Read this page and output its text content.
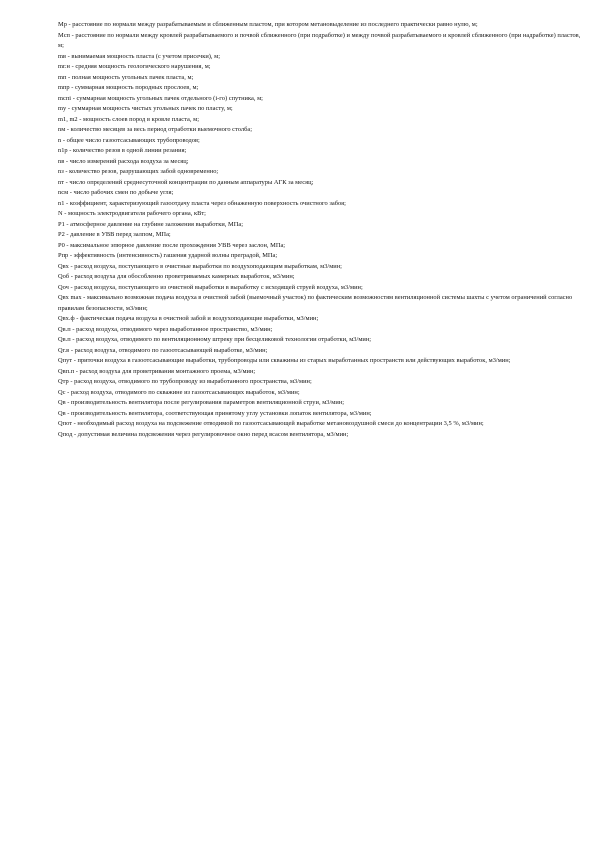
Мр - расстояние по нормали между разрабатываемым и сближенным пластом, при котором метановыделение из последнего практически равно нулю, м;

Мсп - расстояние по нормали между кровлей разрабатываемого и почвой сближенного (при подработке) и между почвой разрабатываемого и кровлей сближенного (при надработке) пластов, м;

mв - вынимаемая мощность пласта (с учетом присечки), м;

mг.н - средняя мощность геологического нарушения, м;

mп - полная мощность угольных пачек пласта, м;

mпр - суммарная мощность породных прослоев, м;

mспi - суммарная мощность угольных пачек отдельного (i-го) спутника, м;

my - суммарная мощность чистых угольных пачек по пласту, м;

m1, m2 - мощность слоев пород в кровле пласта, м;

nм - количество месяцев за весь период отработки выемочного столба;

n - общее число газоотсасывающих трубопроводов;

n1р - количество резов в одной линии резания;

nв - число измерений расхода воздуха за месяц;

nз - количество резов, разрушающих забой одновременно;

nт - число определений среднесуточной концентрации по данным аппаратуры АГК за месяц;

nсм - число рабочих смен по добыче угля;

n1 - коэффициент, характеризующий газоотдачу пласта через обнаженную поверхность очистного забоя;

N - мощность электродвигателя рабочего органа, кВт;

P1 - атмосферное давление на глубине заложения выработки, МПа;

P2 - давление в УВВ перед залпом, МПа;

P0 - максимальное эпюрное давление после прохождения УВВ через заслон, МПа;

Pпр - эффективность (интенсивность) гашения ударной волны преградой, МПа;

Qвх - расход воздуха, поступающего в очистные выработки по воздухоподающим выработкам, м3/мин;

Qоб - расход воздуха для обособленно проветриваемых камерных выработок, м3/мин;

Qоч - расход воздуха, поступающего из очистной выработки в выработку с исходящей струей воздуха, м3/мин;

Qвх max - максимально возможная подача воздуха в очистной забой (выемочный участок) по фактическим возможностям вентиляционной системы шахты с учетом ограничений согласно правилам безопасности, м3/мин;

Qвх.ф - фактическая подача воздуха в очистной забой и воздухоподающие выработки, м3/мин;

Qв.п - расход воздуха, отводимого через выработанное пространство, м3/мин;

Qв.п - расход воздуха, отводимого по вентиляционному штреку при бесцеликовой технологии отработки, м3/мин;

Qг.в - расход воздуха, отводимого по газоотсасывающей выработке, м3/мин;

Qпут - приточки воздуха в газоотсасывающие выработки, трубопроводы или скважины из старых выработанных пространств или действующих выработок, м3/мин;

Qвп.п - расход воздуха для проветривания монтажного проема, м3/мин;

Qтр - расход воздуха, отводимого по трубопроводу из выработанного пространства, м3/мин;

Qс - расход воздуха, отводимого по скважине из газоотсасывающих выработок, м3/мин;

Qв - производительность вентилятора после регулирования параметров вентиляционной струи, м3/мин;

Qв - производительность вентилятора, соответствующая принятому углу установки лопаток вентилятора, м3/мин;

Qпот - необходимый расход воздуха на подсвежение отводимой по газоотсасывающей выработке метановоздушной смеси до концентрации 3,5 %, м3/мин;

Qпод - допустимая величина подсвежения через регулировочное окно перед всасом вентилятора, м3/мин;
